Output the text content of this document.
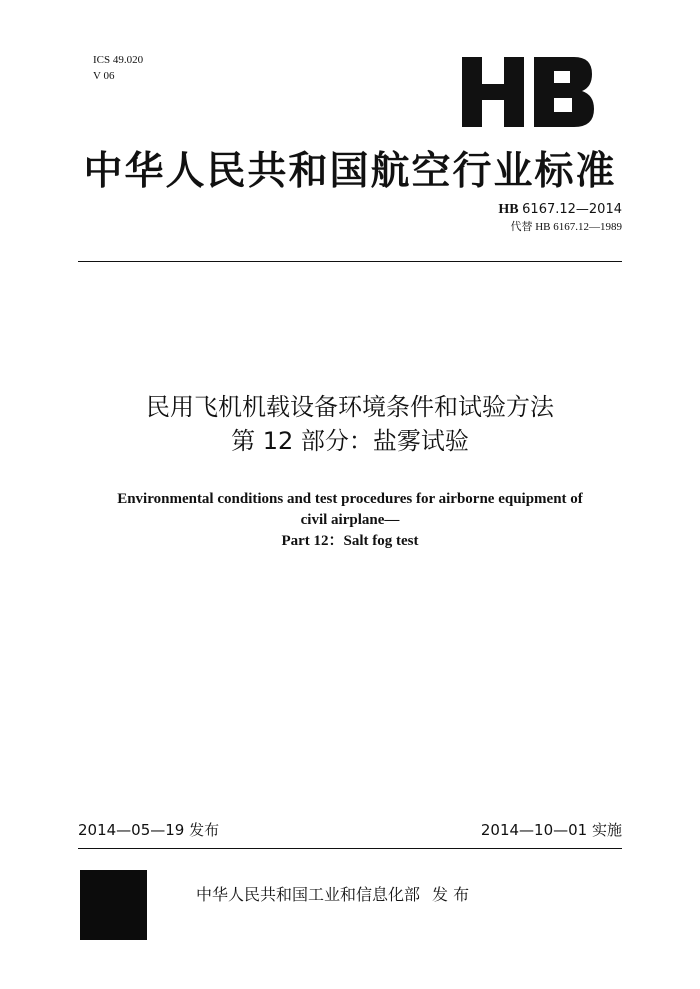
ICS 49.020
V 06
中华人民共和国航空行业标准
HB 6167.12—2014
代替 HB 6167.12—1989
民用飞机机载设备环境条件和试验方法
第 12 部分：盐雾试验
Environmental conditions and test procedures for airborne equipment of
civil airplane—
Part 12：Salt fog test
2014—05—19 发布	2014—10—01 实施
中华人民共和国工业和信息化部 发 布
